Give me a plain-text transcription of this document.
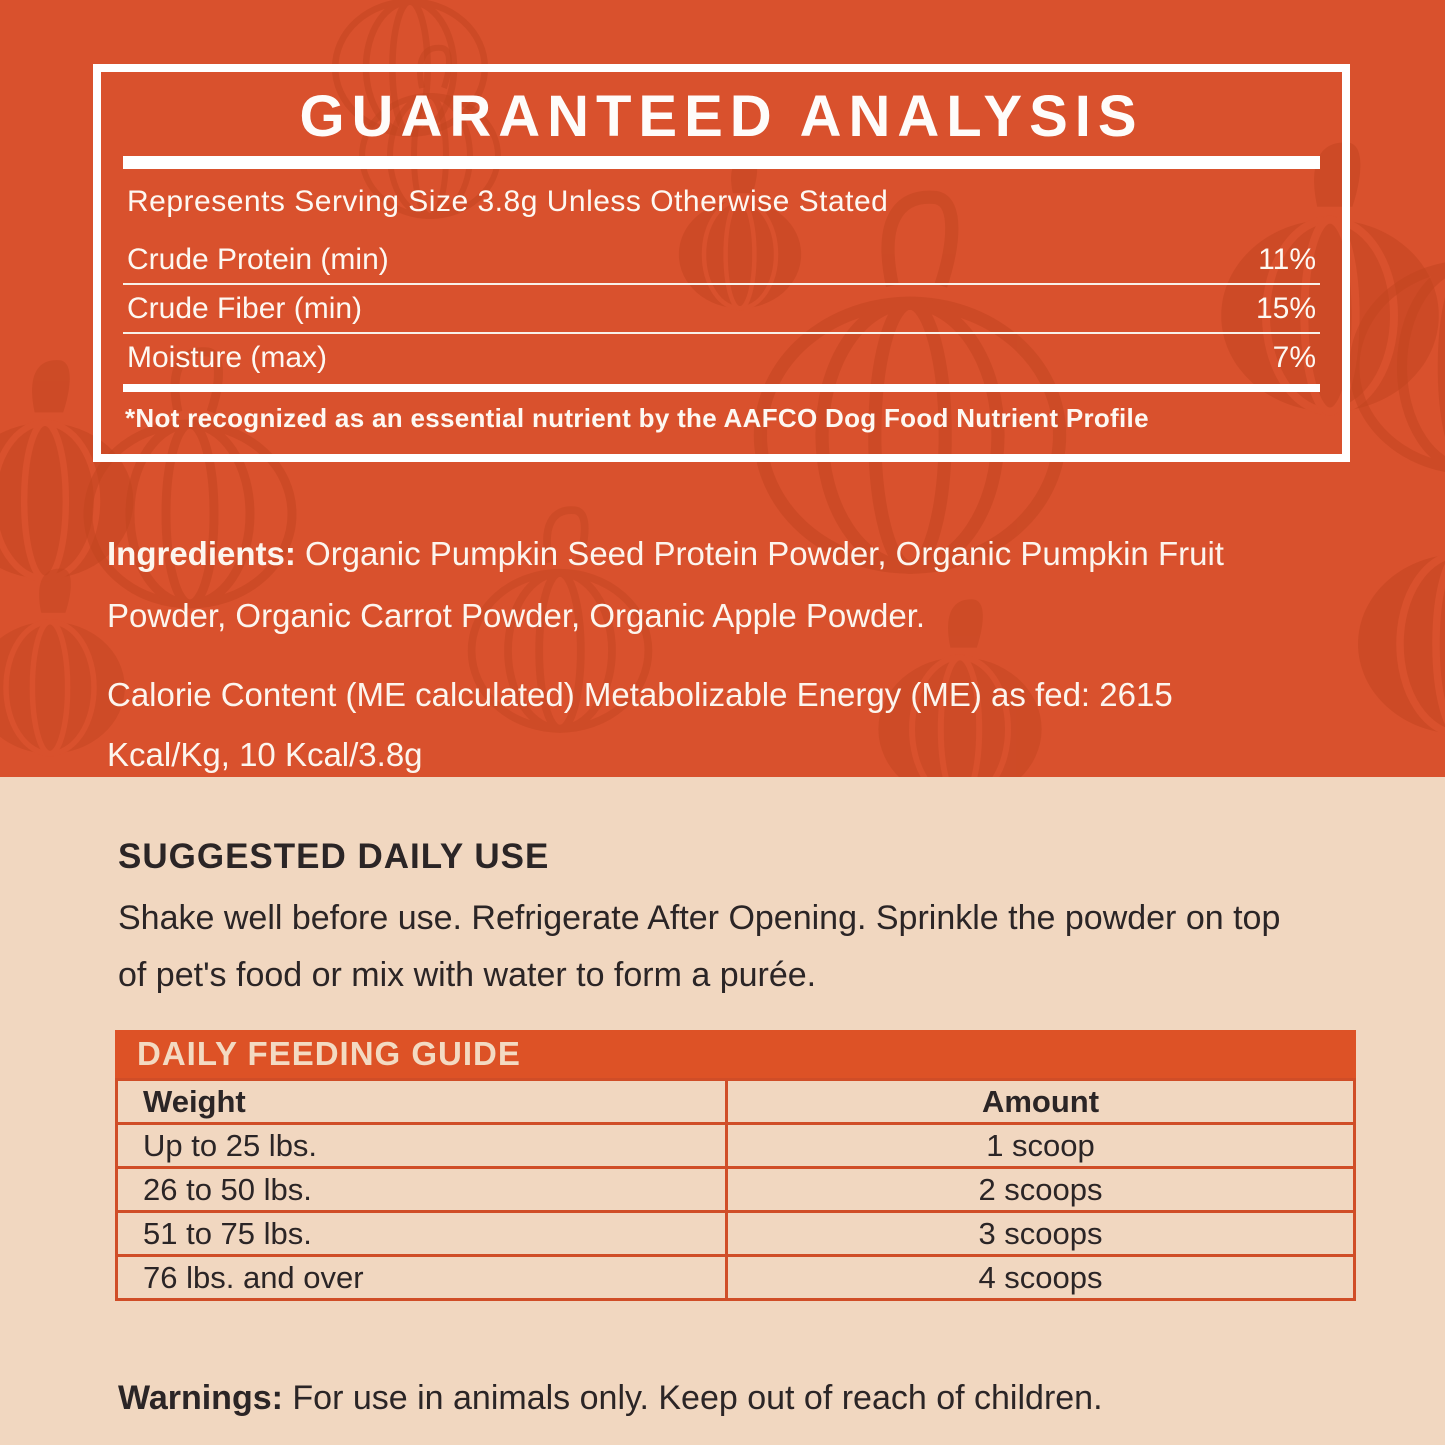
GUARANTEED ANALYSIS
Represents Serving Size 3.8g Unless Otherwise Stated
Crude Protein (min)	11%
Crude Fiber (min)	15%
Moisture (max)	7%
*Not recognized as an essential nutrient by the AAFCO Dog Food Nutrient Profile

Ingredients: Organic Pumpkin Seed Protein Powder, Organic Pumpkin Fruit Powder, Organic Carrot Powder, Organic Apple Powder.

Calorie Content (ME calculated) Metabolizable Energy (ME) as fed: 2615 Kcal/Kg, 10 Kcal/3.8g

SUGGESTED DAILY USE
Shake well before use. Refrigerate After Opening. Sprinkle the powder on top of pet's food or mix with water to form a purée.
DAILY FEEDING GUIDE
Weight	Amount
Up to 25 lbs.	1 scoop
26 to 50 lbs.	2 scoops
51 to 75 lbs.	3 scoops
76 lbs. and over	4 scoops

Warnings: For use in animals only. Keep out of reach of children.
